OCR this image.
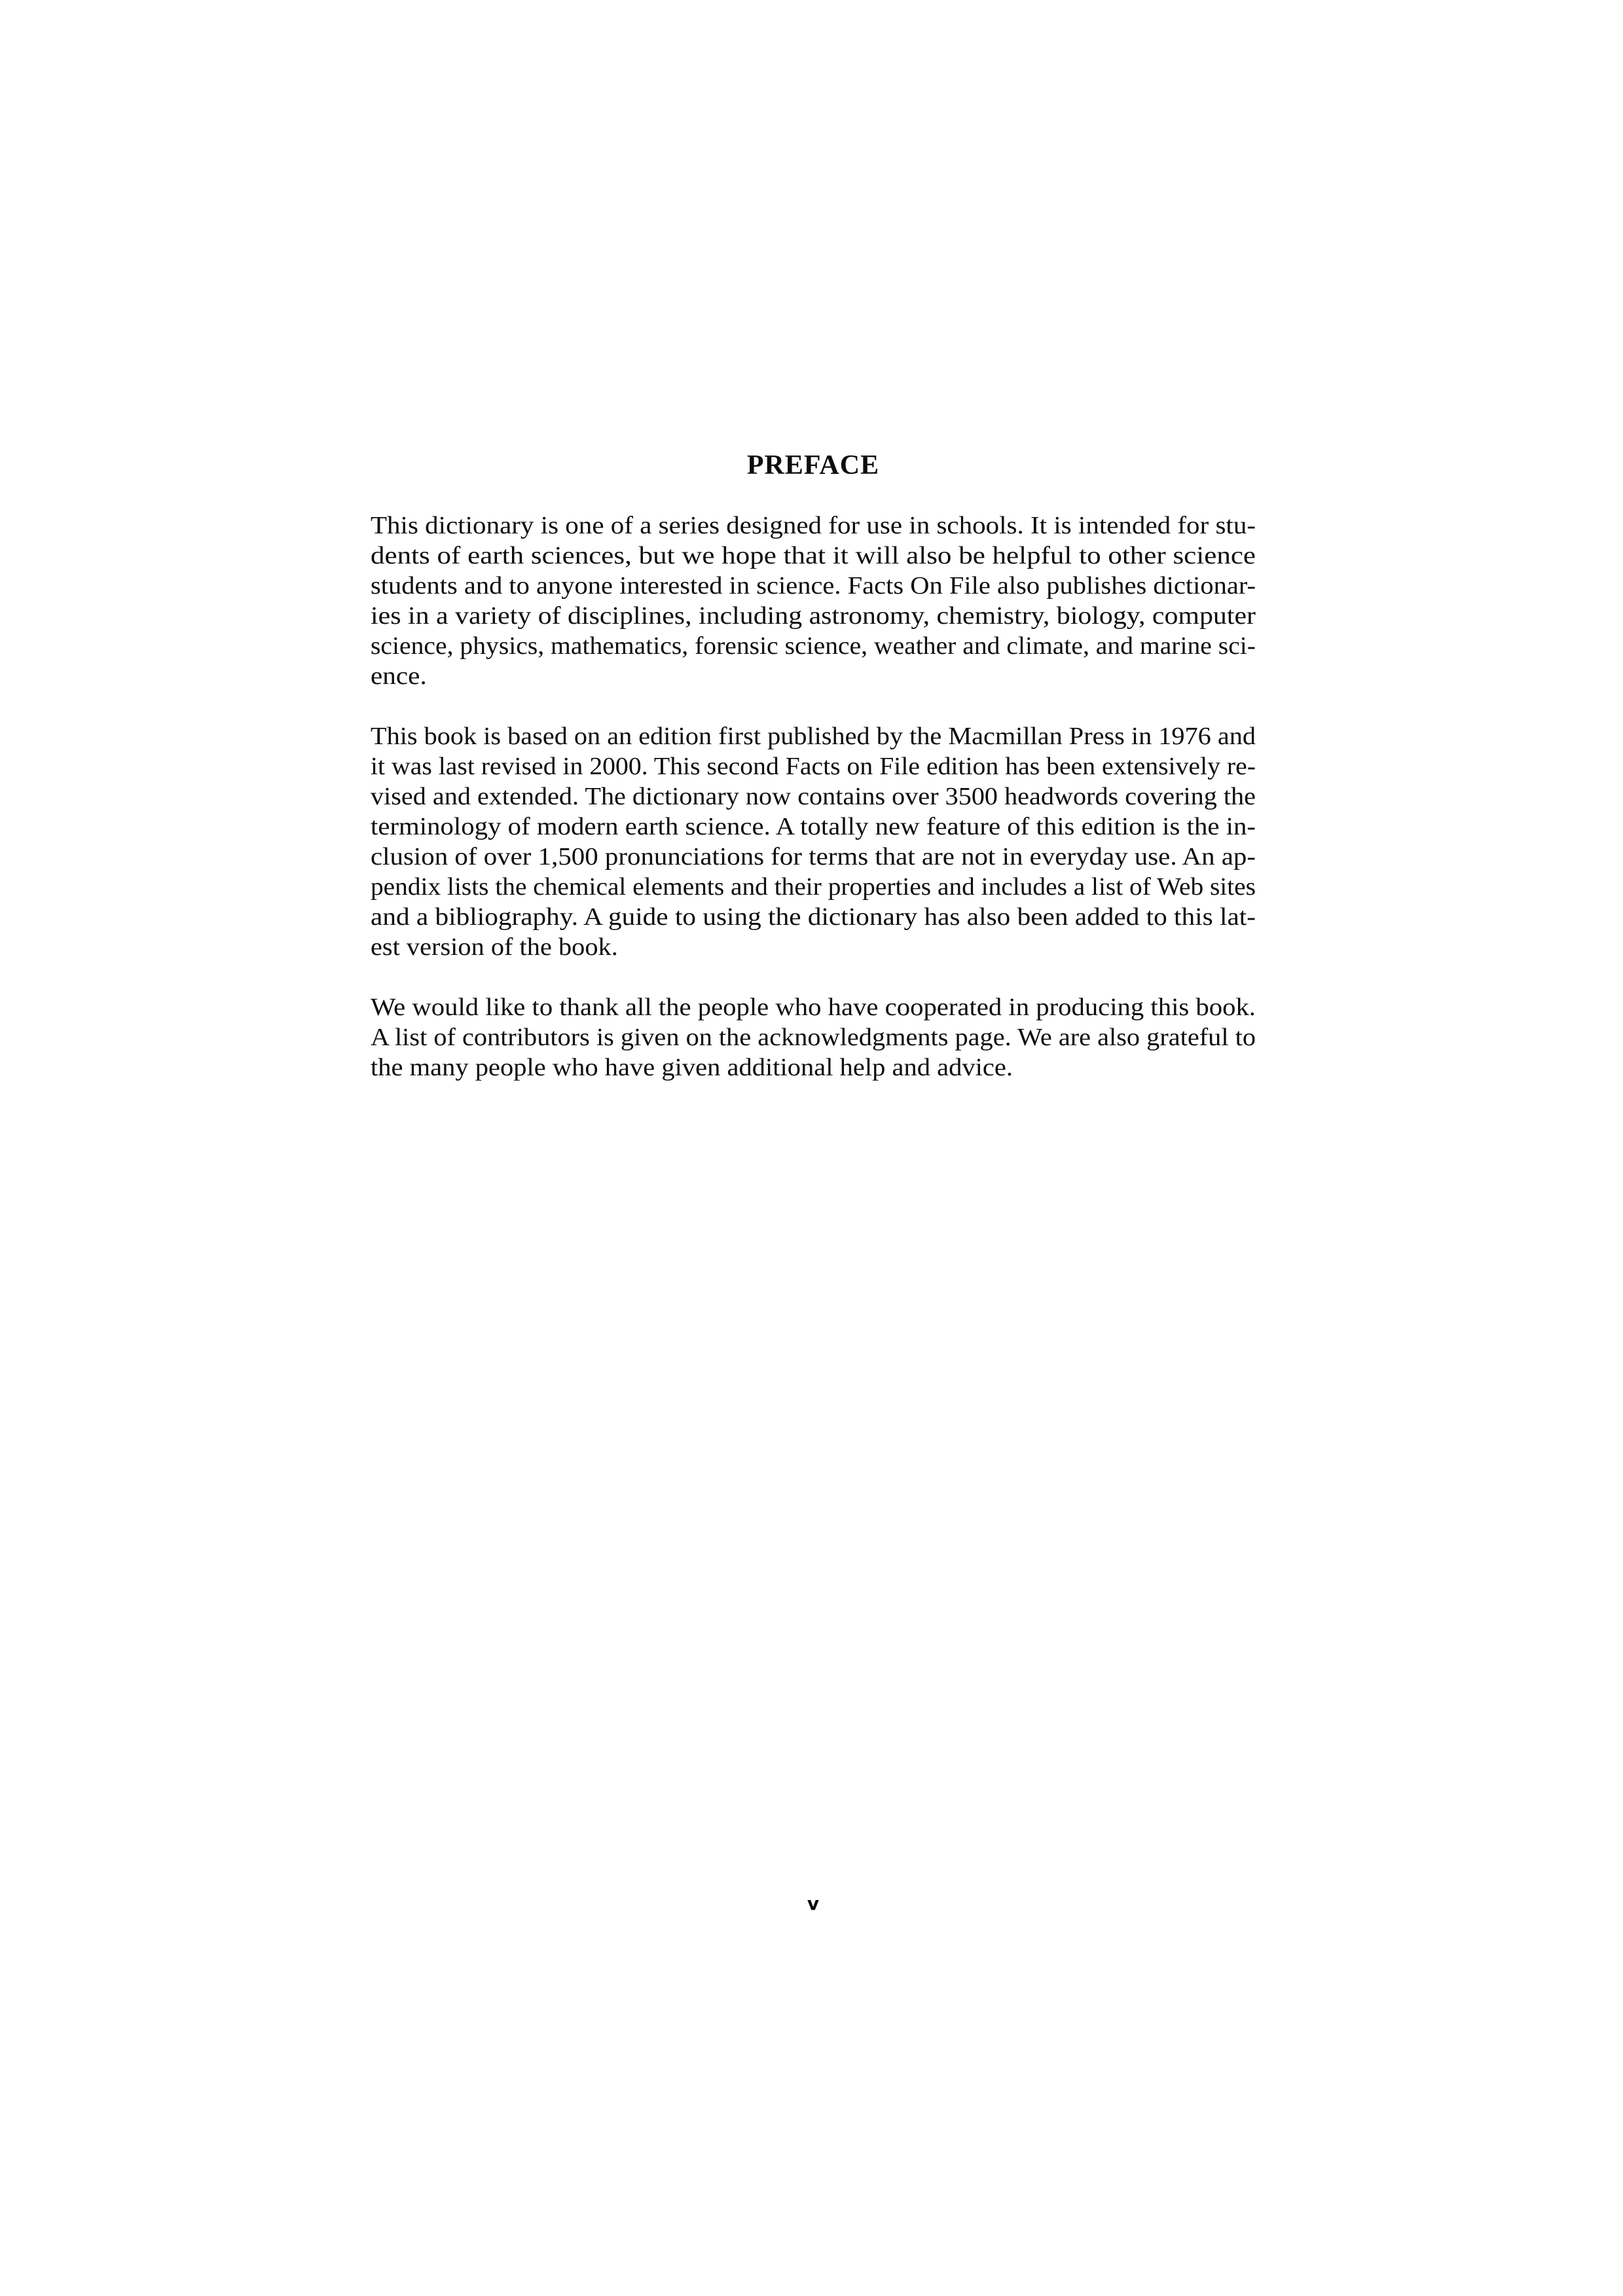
PREFACE
This dictionary is one of a series designed for use in schools. It is intended for stu-
dents of earth sciences, but we hope that it will also be helpful to other science
students and to anyone interested in science. Facts On File also publishes dictionar-
ies in a variety of disciplines, including astronomy, chemistry, biology, computer
science, physics, mathematics, forensic science, weather and climate, and marine sci-
ence.
This book is based on an edition first published by the Macmillan Press in 1976 and
it was last revised in 2000. This second Facts on File edition has been extensively re-
vised and extended. The dictionary now contains over 3500 headwords covering the
terminology of modern earth science. A totally new feature of this edition is the in-
clusion of over 1,500 pronunciations for terms that are not in everyday use. An ap-
pendix lists the chemical elements and their properties and includes a list of Web sites
and a bibliography. A guide to using the dictionary has also been added to this lat-
est version of the book.
We would like to thank all the people who have cooperated in producing this book.
A list of contributors is given on the acknowledgments page. We are also grateful to
the many people who have given additional help and advice.
v
